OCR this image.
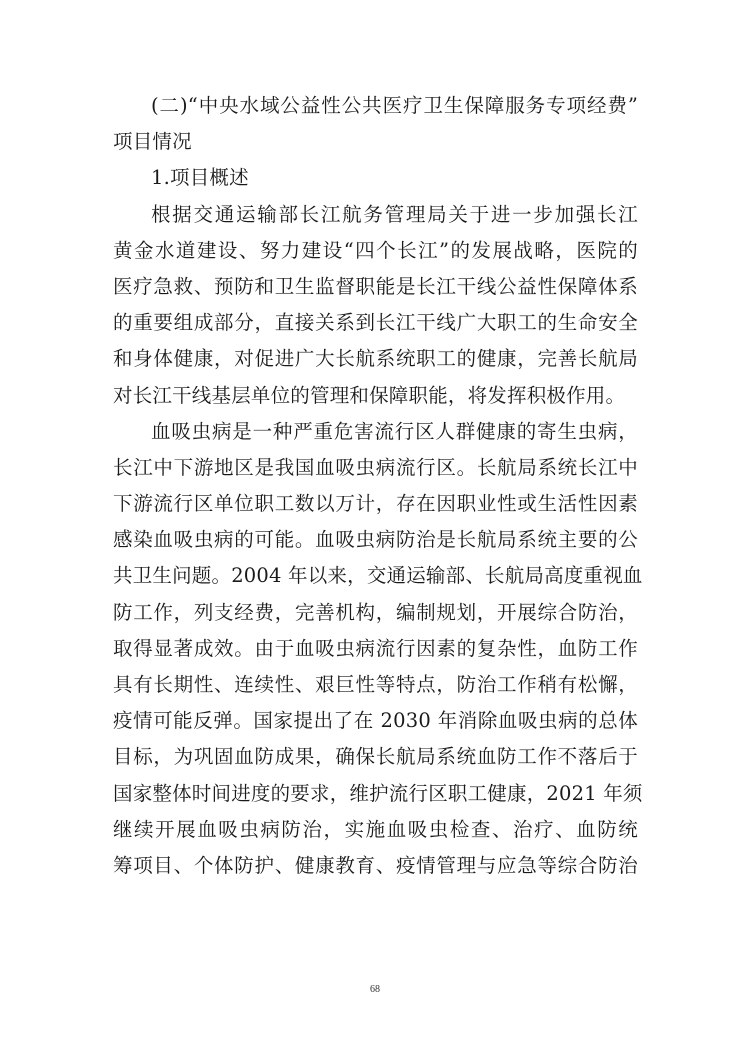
(二)“中央水域公益性公共医疗卫生保障服务专项经费”
项目情况
1.项目概述
根据交通运输部长江航务管理局关于进一步加强长江
黄金水道建设、努力建设“四个长江”的发展战略，医院的
医疗急救、预防和卫生监督职能是长江干线公益性保障体系
的重要组成部分，直接关系到长江干线广大职工的生命安全
和身体健康，对促进广大长航系统职工的健康，完善长航局
对长江干线基层单位的管理和保障职能，将发挥积极作用。
血吸虫病是一种严重危害流行区人群健康的寄生虫病，
长江中下游地区是我国血吸虫病流行区。长航局系统长江中
下游流行区单位职工数以万计，存在因职业性或生活性因素
感染血吸虫病的可能。血吸虫病防治是长航局系统主要的公
共卫生问题。2004 年以来，交通运输部、长航局高度重视血
防工作，列支经费，完善机构，编制规划，开展综合防治，
取得显著成效。由于血吸虫病流行因素的复杂性，血防工作
具有长期性、连续性、艰巨性等特点，防治工作稍有松懈，
疫情可能反弹。国家提出了在 2030 年消除血吸虫病的总体
目标，为巩固血防成果，确保长航局系统血防工作不落后于
国家整体时间进度的要求，维护流行区职工健康，2021 年须
继续开展血吸虫病防治，实施血吸虫检查、治疗、血防统
筹项目、个体防护、健康教育、疫情管理与应急等综合防治
68
